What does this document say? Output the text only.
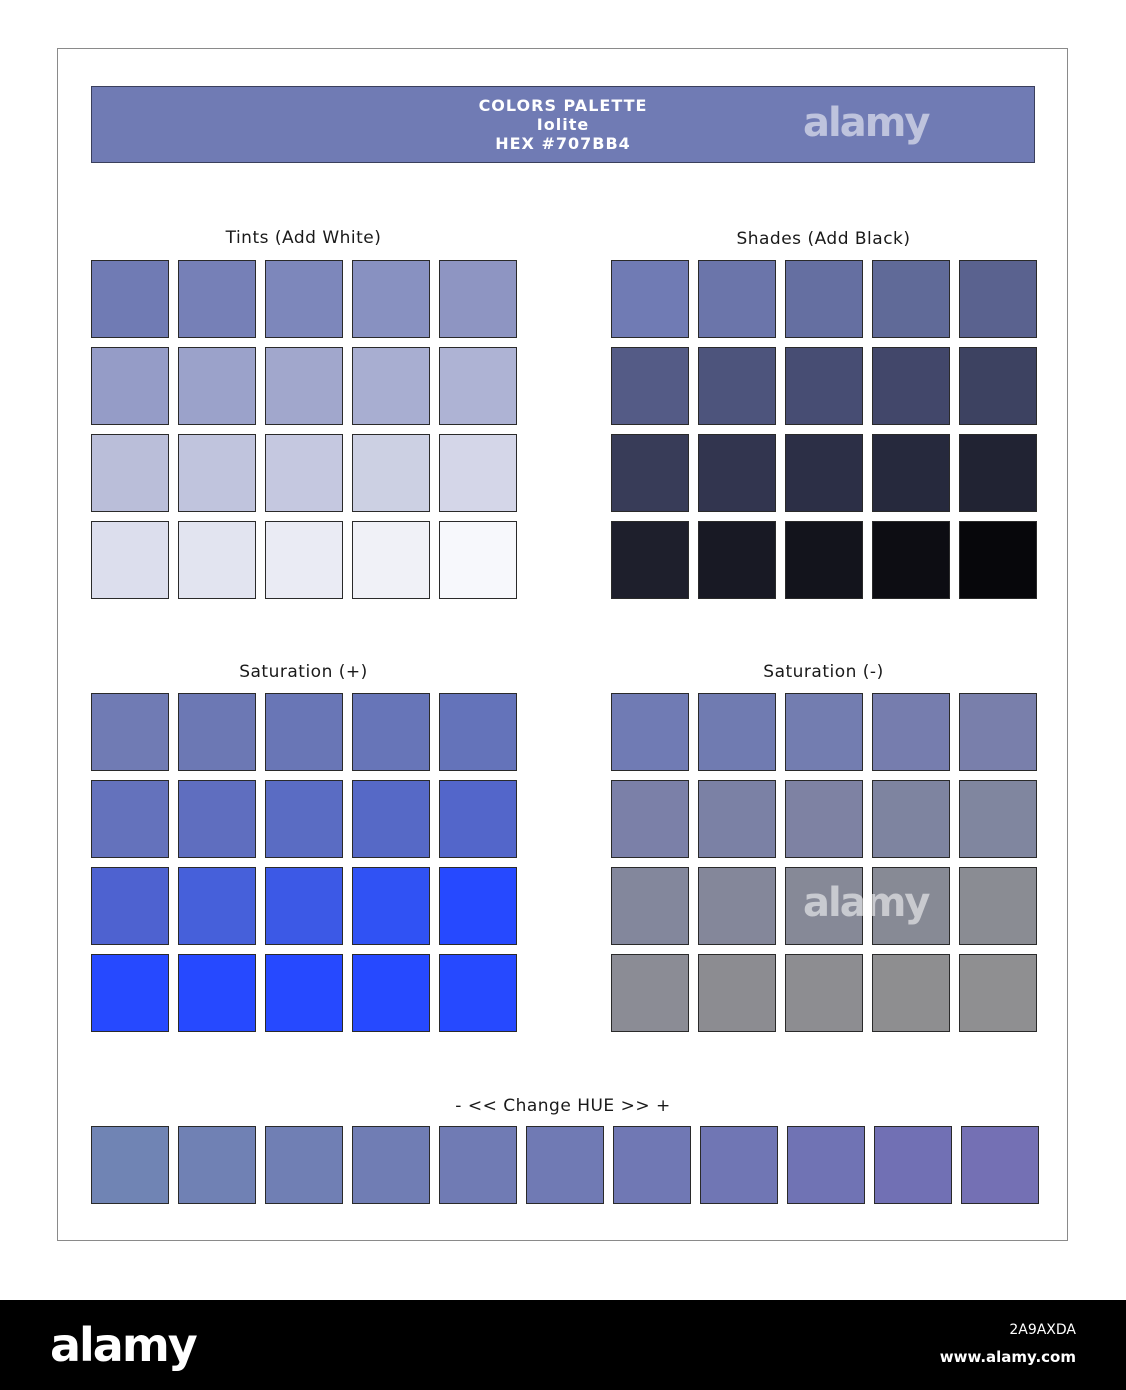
COLORS PALETTE
Iolite
HEX #707BB4
Tints (Add White)	Shades (Add Black)
Saturation (+)	Saturation (-)
- << Change HUE >> +
alamy
alamy
alamy	2A9AXDA
www.alamy.com
